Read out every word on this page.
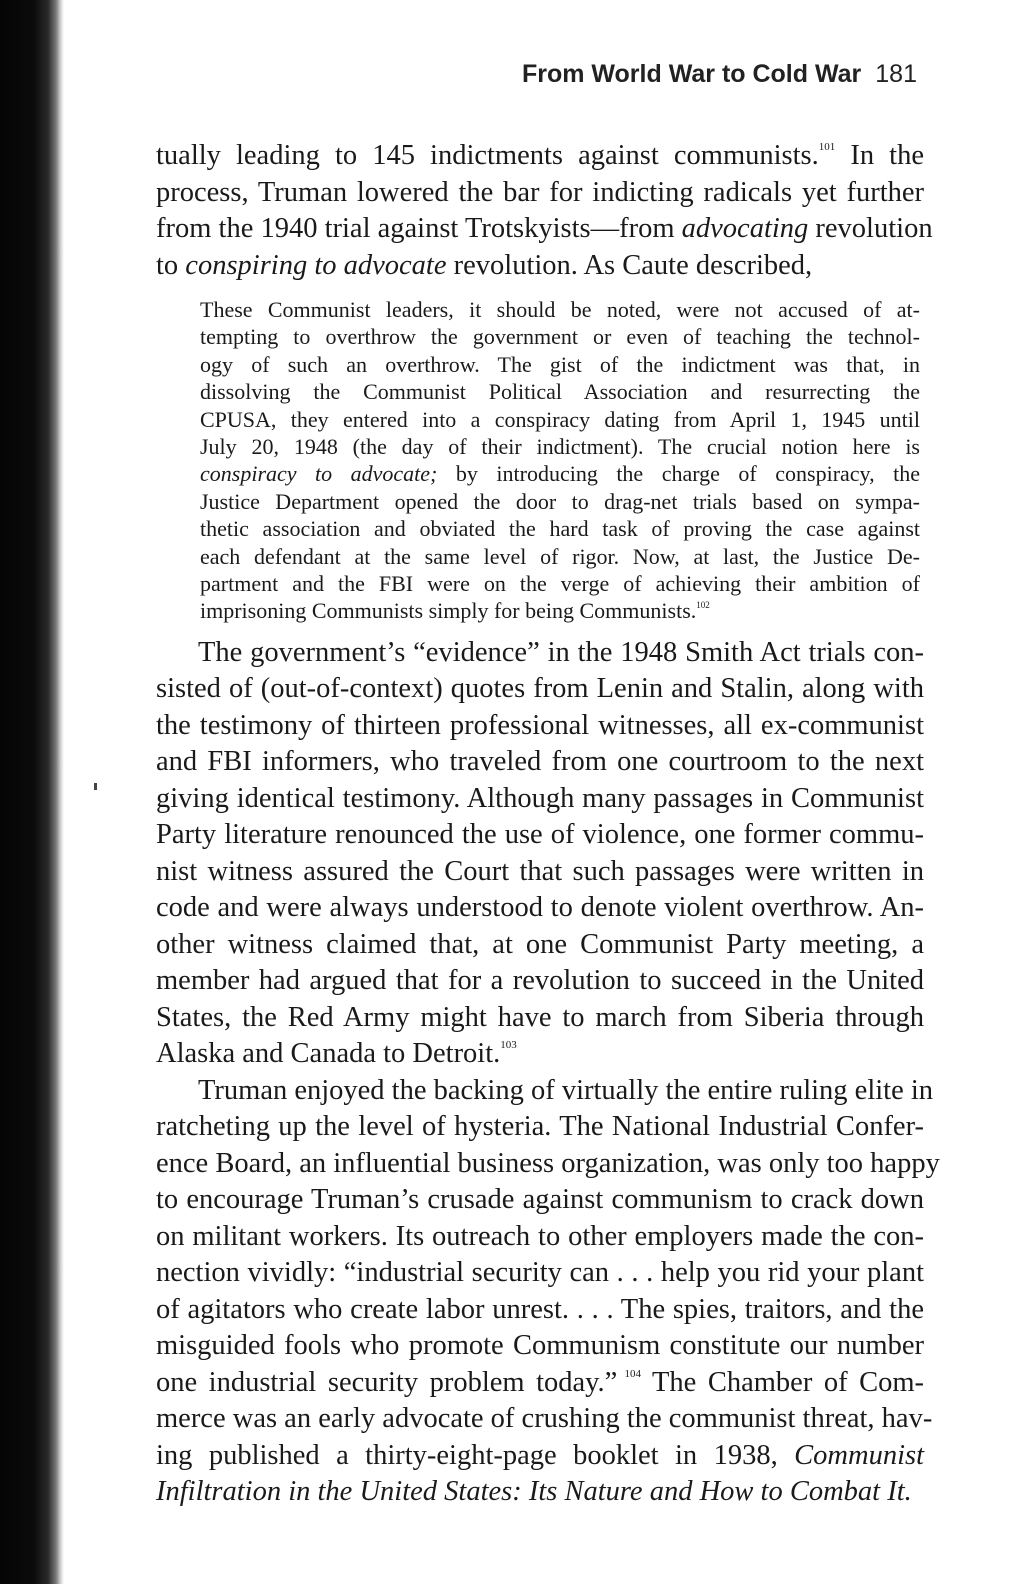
From World War to Cold War 181
tually leading to 145 indictments against communists.$^{101}$ In the
process, Truman lowered the bar for indicting radicals yet further
from the 1940 trial against Trotskyists—from advocating revolution
to conspiring to advocate revolution. As Caute described,
These Communist leaders, it should be noted, were not accused of at-
tempting to overthrow the government or even of teaching the technol-
ogy of such an overthrow. The gist of the indictment was that, in
dissolving the Communist Political Association and resurrecting the
CPUSA, they entered into a conspiracy dating from April 1, 1945 until
July 20, 1948 (the day of their indictment). The crucial notion here is
conspiracy to advocate; by introducing the charge of conspiracy, the
Justice Department opened the door to drag-net trials based on sympa-
thetic association and obviated the hard task of proving the case against
each defendant at the same level of rigor. Now, at last, the Justice De-
partment and the FBI were on the verge of achieving their ambition of
imprisoning Communists simply for being Communists.$^{102}$
The government’s “evidence” in the 1948 Smith Act trials con-
sisted of (out-of-context) quotes from Lenin and Stalin, along with
the testimony of thirteen professional witnesses, all ex-communist
and FBI informers, who traveled from one courtroom to the next
giving identical testimony. Although many passages in Communist
Party literature renounced the use of violence, one former commu-
nist witness assured the Court that such passages were written in
code and were always understood to denote violent overthrow. An-
other witness claimed that, at one Communist Party meeting, a
member had argued that for a revolution to succeed in the United
States, the Red Army might have to march from Siberia through
Alaska and Canada to Detroit.$^{103}$
Truman enjoyed the backing of virtually the entire ruling elite in
ratcheting up the level of hysteria. The National Industrial Confer-
ence Board, an influential business organization, was only too happy
to encourage Truman’s crusade against communism to crack down
on militant workers. Its outreach to other employers made the con-
nection vividly: “industrial security can . . . help you rid your plant
of agitators who create labor unrest. . . . The spies, traitors, and the
misguided fools who promote Communism constitute our number
one industrial security problem today.” $^{104}$ The Chamber of Com-
merce was an early advocate of crushing the communist threat, hav-
ing published a thirty-eight-page booklet in 1938, Communist
Infiltration in the United States: Its Nature and How to Combat It.
